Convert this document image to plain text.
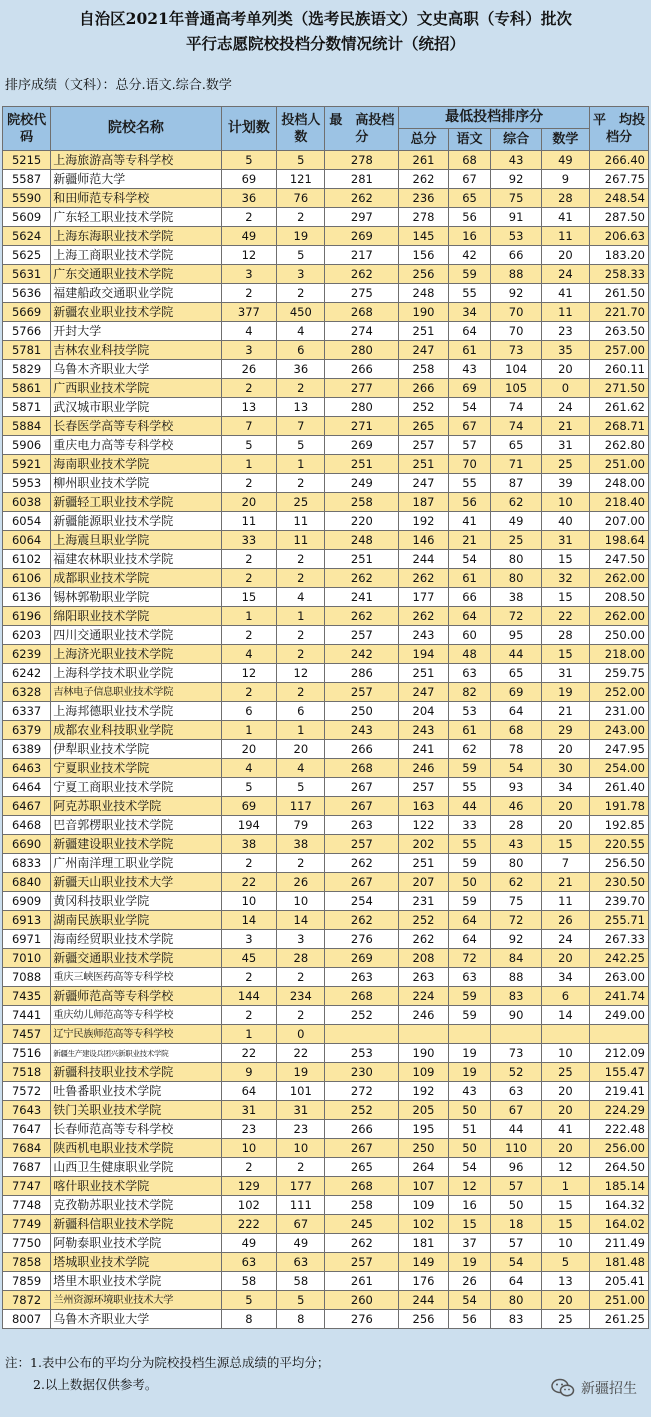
自治区2021年普通高考单列类（选考民族语文）文史高职（专科）批次
平行志愿院校投档分数情况统计（统招）
排序成绩（文科）：总分.语文.综合.数学
院校代码	院校名称	计划数	投档人数	最　高投档分	最低投档排序分				平　均投档分
					总分	语文	综合	数学	
5215	上海旅游高等专科学校	5	5	278	261	68	43	49	266.40
5587	新疆师范大学	69	121	281	262	67	92	9	267.75
5590	和田师范专科学校	36	76	262	236	65	75	28	248.54
5609	广东轻工职业技术学院	2	2	297	278	56	91	41	287.50
5624	上海东海职业技术学院	49	19	269	145	16	53	11	206.63
5625	上海工商职业技术学院	12	5	217	156	42	66	20	183.20
5631	广东交通职业技术学院	3	3	262	256	59	88	24	258.33
5636	福建船政交通职业学院	2	2	275	248	55	92	41	261.50
5669	新疆农业职业技术学院	377	450	268	190	34	70	11	221.70
5766	开封大学	4	4	274	251	64	70	23	263.50
5781	吉林农业科技学院	3	6	280	247	61	73	35	257.00
5829	乌鲁木齐职业大学	26	36	266	258	43	104	20	260.11
5861	广西职业技术学院	2	2	277	266	69	105	0	271.50
5871	武汉城市职业学院	13	13	280	252	54	74	24	261.62
5884	长春医学高等专科学校	7	7	271	265	67	74	21	268.71
5906	重庆电力高等专科学校	5	5	269	257	57	65	31	262.80
5921	海南职业技术学院	1	1	251	251	70	71	25	251.00
5953	柳州职业技术学院	2	2	249	247	55	87	39	248.00
6038	新疆轻工职业技术学院	20	25	258	187	56	62	10	218.40
6054	新疆能源职业技术学院	11	11	220	192	41	49	40	207.00
6064	上海震旦职业学院	33	11	248	146	21	25	31	198.64
6102	福建农林职业技术学院	2	2	251	244	54	80	15	247.50
6106	成都职业技术学院	2	2	262	262	61	80	32	262.00
6136	锡林郭勒职业学院	15	4	241	177	66	38	15	208.50
6196	绵阳职业技术学院	1	1	262	262	64	72	22	262.00
6203	四川交通职业技术学院	2	2	257	243	60	95	28	250.00
6239	上海济光职业技术学院	4	2	242	194	48	44	15	218.00
6242	上海科学技术职业学院	12	12	286	251	63	65	31	259.75
6328	吉林电子信息职业技术学院	2	2	257	247	82	69	19	252.00
6337	上海邦德职业技术学院	6	6	250	204	53	64	21	231.00
6379	成都农业科技职业学院	1	1	243	243	61	68	29	243.00
6389	伊犁职业技术学院	20	20	266	241	62	78	20	247.95
6463	宁夏职业技术学院	4	4	268	246	59	54	30	254.00
6464	宁夏工商职业技术学院	5	5	267	257	55	93	34	261.40
6467	阿克苏职业技术学院	69	117	267	163	44	46	20	191.78
6468	巴音郭楞职业技术学院	194	79	263	122	33	28	20	192.85
6690	新疆建设职业技术学院	38	38	257	202	55	43	15	220.55
6833	广州南洋理工职业学院	2	2	262	251	59	80	7	256.50
6840	新疆天山职业技术大学	22	26	267	207	50	62	21	230.50
6909	黄冈科技职业学院	10	10	254	231	59	75	11	239.70
6913	湖南民族职业学院	14	14	262	252	64	72	26	255.71
6971	海南经贸职业技术学院	3	3	276	262	64	92	24	267.33
7010	新疆交通职业技术学院	45	28	269	208	72	84	20	242.25
7088	重庆三峡医药高等专科学校	2	2	263	263	63	88	34	263.00
7435	新疆师范高等专科学校	144	234	268	224	59	83	6	241.74
7441	重庆幼儿师范高等专科学校	2	2	252	246	59	90	14	249.00
7457	辽宁民族师范高等专科学校	1	0						
7516	新疆生产建设兵团兴新职业技术学院	22	22	253	190	19	73	10	212.09
7518	新疆科技职业技术学院	9	19	230	109	19	52	25	155.47
7572	吐鲁番职业技术学院	64	101	272	192	43	63	20	219.41
7643	铁门关职业技术学院	31	31	252	205	50	67	20	224.29
7647	长春师范高等专科学校	23	23	266	195	51	44	41	222.48
7684	陕西机电职业技术学院	10	10	267	250	50	110	20	256.00
7687	山西卫生健康职业学院	2	2	265	264	54	96	12	264.50
7747	喀什职业技术学院	129	177	268	107	12	57	1	185.14
7748	克孜勒苏职业技术学院	102	111	258	109	16	50	15	164.32
7749	新疆科信职业技术学院	222	67	245	102	15	18	15	164.02
7750	阿勒泰职业技术学院	49	49	262	181	37	57	10	211.49
7858	塔城职业技术学院	63	63	257	149	19	54	5	181.48
7859	塔里木职业技术学院	58	58	261	176	26	64	13	205.41
7872	兰州资源环境职业技术大学	5	5	260	244	54	80	20	251.00
8007	乌鲁木齐职业大学	8	8	276	256	56	83	25	261.25
注：1.表中公布的平均分为院校投档生源总成绩的平均分；
2.以上数据仅供参考。	新疆招生
